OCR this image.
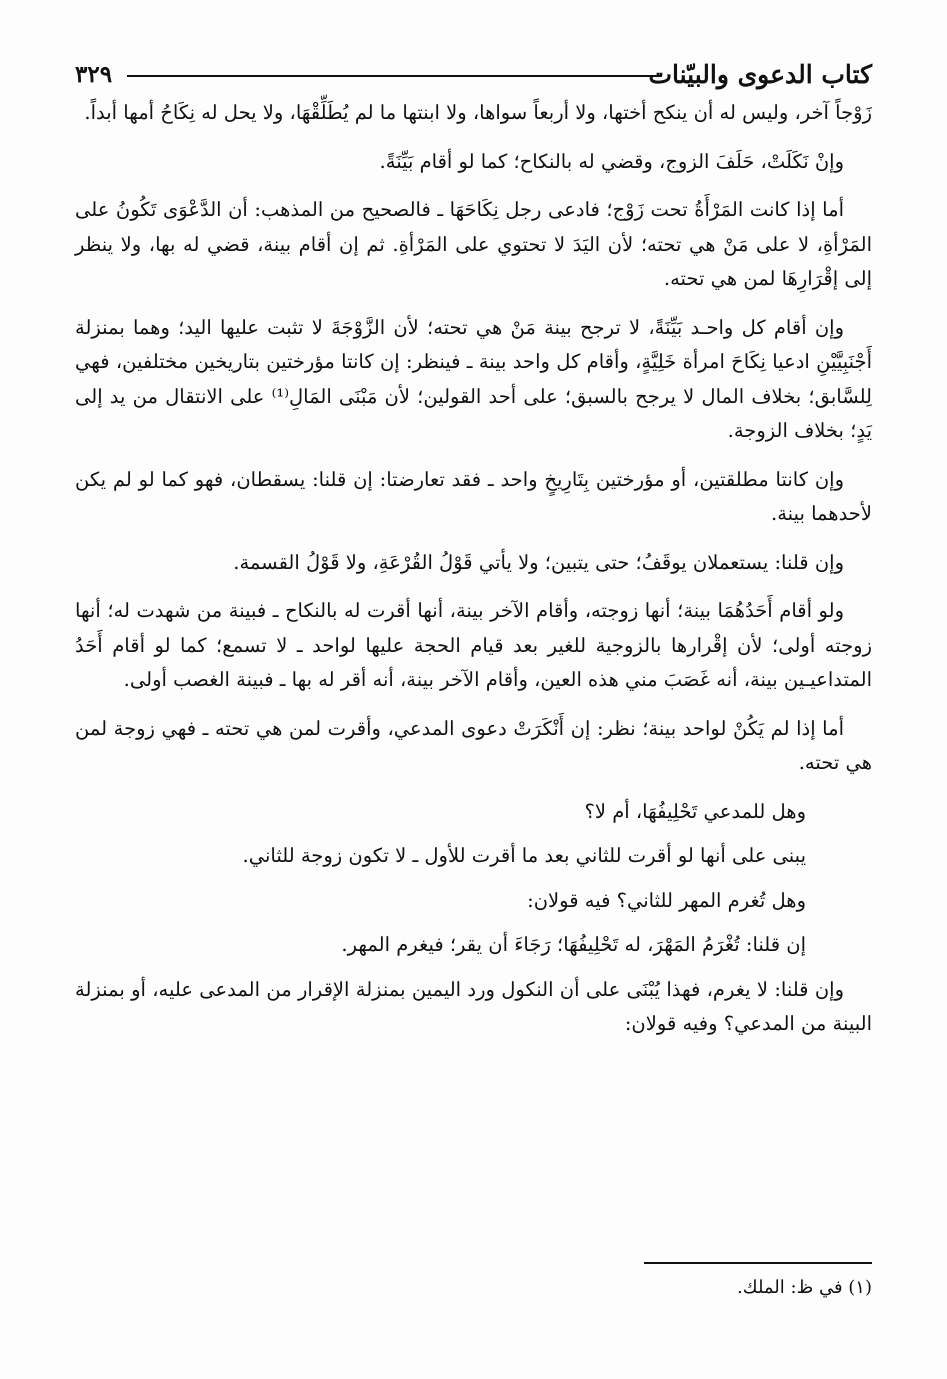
كتاب الدعوى والبيّنات
٣٢٩

زَوْجاً آخر، وليس له أن ينكح أختها، ولا أربعاً سواها، ولا ابنتها ما لم يُطَلِّقْهَا، ولا يحل له نِكَاحُ أمها أبداً.

وإنْ نَكَلَتْ، حَلَفَ الزوج، وقضي له بالنكاح؛ كما لو أقام بَيِّنَةً.

أما إذا كانت المَرْأَةُ تحت زَوْج؛ فادعى رجل نِكَاحَهَا ـ فالصحيح من المذهب: أن الدَّعْوَى تَكُونُ على المَرْأةِ، لا على مَنْ هي تحته؛ لأن اليَدَ لا تحتوي على المَرْأةِ. ثم إن أقام بينة، قضي له بها، ولا ينظر إلى إقْرَارِهَا لمن هي تحته.

وإن أقام كل واحـد بَيِّنَةً، لا ترجح بينة مَنْ هي تحته؛ لأن الزَّوْجَةَ لا تثبت عليها اليد؛ وهما بمنزلة أَجْنَبِيَّيْنِ ادعيا نِكَاحَ امرأة خَلِيَّةٍ، وأقام كل واحد بينة ـ فينظر: إن كانتا مؤرختين بتاريخين مختلفين، فهي لِلسَّابق؛ بخلاف المال لا يرجح بالسبق؛ على أحد القولين؛ لأن مَبْنَى المَالِ⁽¹⁾ على الانتقال من يد إلى يَدٍ؛ بخلاف الزوجة.

وإن كانتا مطلقتين، أو مؤرختين بِتَارِيخٍ واحد ـ فقد تعارضتا: إن قلنا: يسقطان، فهو كما لو لم يكن لأحدهما بينة.

وإن قلنا: يستعملان يوقَفُ؛ حتى يتبين؛ ولا يأتي قَوْلُ القُرْعَةِ، ولا قَوْلُ القسمة.

ولو أقام أَحَدُهُمَا بينة؛ أنها زوجته، وأقام الآخر بينة، أنها أقرت له بالنكاح ـ فبينة من شهدت له؛ أنها زوجته أولى؛ لأن إقْرارها بالزوجية للغير بعد قيام الحجة عليها لواحد ـ لا تسمع؛ كما لو أقام أَحَدُ المتداعيـين بينة، أنه غَصَبَ مني هذه العين، وأقام الآخر بينة، أنه أقر له بها ـ فبينة الغصب أولى.

أما إذا لم يَكُنْ لواحد بينة؛ نظر: إن أَنْكَرَتْ دعوى المدعي، وأقرت لمن هي تحته ـ فهي زوجة لمن هي تحته.

وهل للمدعي تَحْلِيفُهَا، أم لا؟

يبنى على أنها لو أقرت للثاني بعد ما أقرت للأول ـ لا تكون زوجة للثاني.

وهل تُغرم المهر للثاني؟ فيه قولان:

إن قلنا: تُغْرَمُ المَهْرَ، له تَحْلِيفُهَا؛ رَجَاءَ أن يقر؛ فيغرم المهر.

وإن قلنا: لا يغرم، فهذا يُبْنَى على أن النكول ورد اليمين بمنزلة الإقرار من المدعى عليه، أو بمنزلة البينة من المدعي؟ وفيه قولان:

(١) في ظ: الملك.
